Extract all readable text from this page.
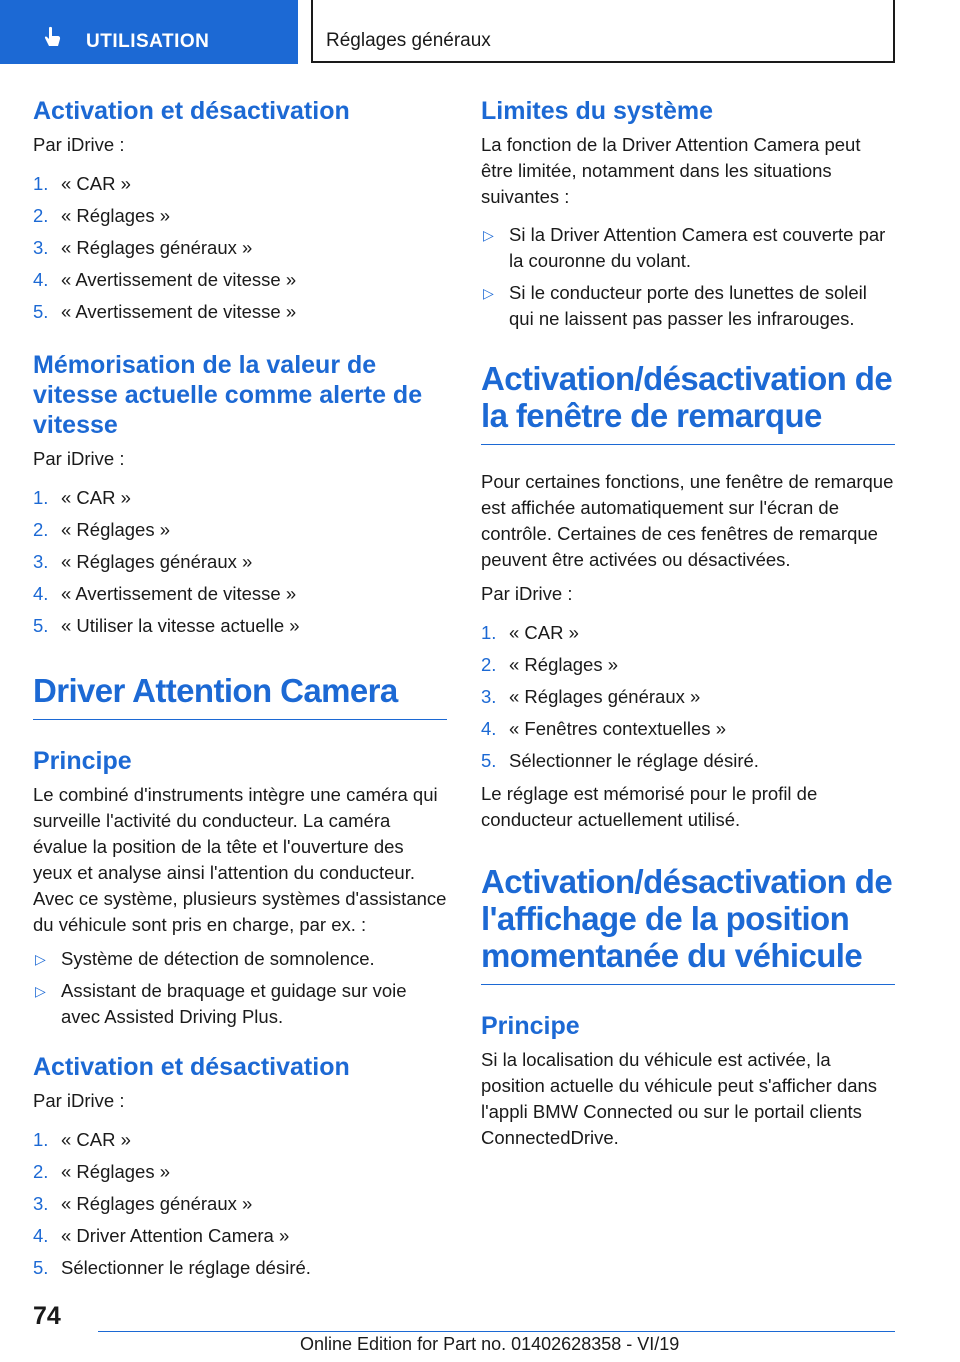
UTILISATION	Réglages généraux
Activation et désactivation

Par iDrive :

1. « CAR »
2. « Réglages »
3. « Réglages généraux »
4. « Avertissement de vitesse »
5. « Avertissement de vitesse »
Mémorisation de la valeur de vitesse actuelle comme alerte de vitesse

Par iDrive :

1. « CAR »
2. « Réglages »
3. « Réglages généraux »
4. « Avertissement de vitesse »
5. « Utiliser la vitesse actuelle »
Driver Attention Camera
Principe

Le combiné d'instruments intègre une caméra qui surveille l'activité du conducteur. La caméra évalue la position de la tête et l'ouverture des yeux et analyse ainsi l'attention du conducteur. Avec ce système, plusieurs systèmes d'assistance du véhicule sont pris en charge, par ex. :

▷ Système de détection de somnolence.
▷ Assistant de braquage et guidage sur voie avec Assisted Driving Plus.
Activation et désactivation

Par iDrive :

1. « CAR »
2. « Réglages »
3. « Réglages généraux »
4. « Driver Attention Camera »
5. Sélectionner le réglage désiré.
Limites du système

La fonction de la Driver Attention Camera peut être limitée, notamment dans les situations suivantes :

▷ Si la Driver Attention Camera est couverte par la couronne du volant.
▷ Si le conducteur porte des lunettes de soleil qui ne laissent pas passer les infrarouges.
Activation/désactivation de la fenêtre de remarque

Pour certaines fonctions, une fenêtre de remarque est affichée automatiquement sur l'écran de contrôle. Certaines de ces fenêtres de remarque peuvent être activées ou désactivées.

Par iDrive :

1. « CAR »
2. « Réglages »
3. « Réglages généraux »
4. « Fenêtres contextuelles »
5. Sélectionner le réglage désiré.

Le réglage est mémorisé pour le profil de conducteur actuellement utilisé.

Activation/désactivation de l'affichage de la position momentanée du véhicule
Principe

Si la localisation du véhicule est activée, la position actuelle du véhicule peut s'afficher dans l'appli BMW Connected ou sur le portail clients ConnectedDrive.

74
Online Edition for Part no. 01402628358 - VI/19
